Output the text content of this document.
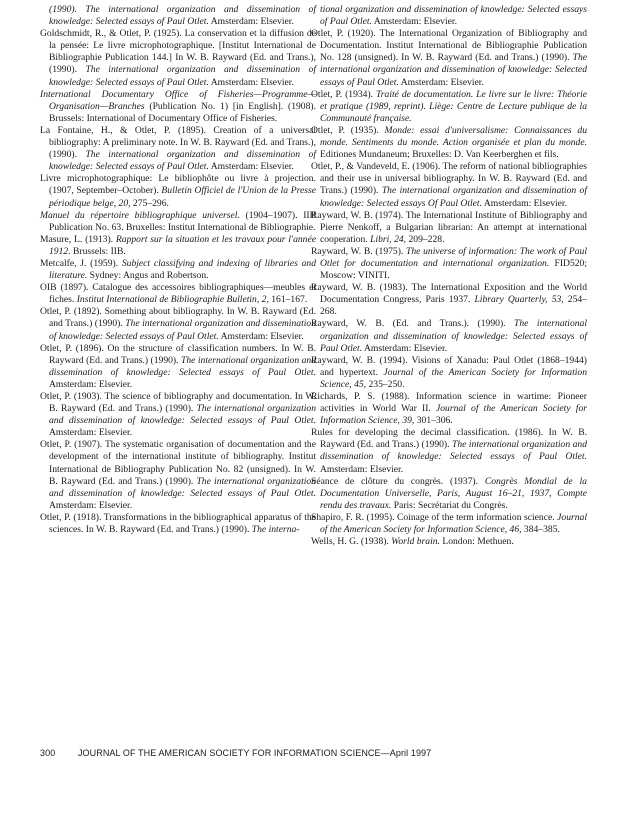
(1990). The international organization and dissemination of knowledge: Selected essays of Paul Otlet. Amsterdam: Elsevier.
Goldschmidt, R., & Otlet, P. (1925). La conservation et la diffusion de la pensée: Le livre microphotographique. [Institut International de Bibliographie Publication 144.] In W. B. Rayward (Ed. and Trans.), (1990). The international organization and dissemination of knowledge: Selected essays of Paul Otlet. Amsterdam: Elsevier.
International Documentary Office of Fisheries—Programme—Organisation—Branches (Publication No. 1) [in English]. (1908). Brussels: International of Documentary Office of Fisheries.
La Fontaine, H., & Otlet, P. (1895). Creation of a universal bibliography: A preliminary note. In W. B. Rayward (Ed. and Trans.), (1990). The international organization and dissemination of knowledge: Selected essays of Paul Otlet. Amsterdam: Elsevier.
Livre microphotographique: Le bibliophôte ou livre à projection. (1907, September–October). Bulletin Officiel de l'Union de la Presse périodique belge, 20, 275–296.
Manuel du répertoire bibliographique universel. (1904–1907). IIB Publication No. 63. Bruxelles: Institut International de Bibliographie.
Masure, L. (1913). Rapport sur la situation et les travaux pour l'année 1912. Brussels: IIB.
Metcalfe, J. (1959). Subject classifying and indexing of libraries and literature. Sydney: Angus and Robertson.
OIB (1897). Catalogue des accessoires bibliographiques—meubles et fiches. Institut International de Bibliographie Bulletin, 2, 161–167.
Otlet, P. (1892). Something about bibliography. In W. B. Rayward (Ed. and Trans.) (1990). The international organization and dissemination of knowledge: Selected essays of Paul Otlet. Amsterdam: Elsevier.
Otlet, P. (1896). On the structure of classification numbers. In W. B. Rayward (Ed. and Trans.) (1990). The international organization and dissemination of knowledge: Selected essays of Paul Otlet. Amsterdam: Elsevier.
Otlet, P. (1903). The science of bibliography and documentation. In W. B. Rayward (Ed. and Trans.) (1990). The international organization and dissemination of knowledge: Selected essays of Paul Otlet. Amsterdam: Elsevier.
Otlet, P. (1907). The systematic organisation of documentation and the development of the international institute of bibliography. Institut International de Bibliography Publication No. 82 (unsigned). In W. B. Rayward (Ed. and Trans.) (1990). The international organization and dissemination of knowledge: Selected essays of Paul Otlet. Amsterdam: Elsevier.
Otlet, P. (1918). Transformations in the bibliographical apparatus of the sciences. In W. B. Rayward (Ed. and Trans.) (1990). The interna-
tional organization and dissemination of knowledge: Selected essays of Paul Otlet. Amsterdam: Elsevier.
Otlet, P. (1920). The International Organization of Bibliography and Documentation. Institut International de Bibliographie Publication No. 128 (unsigned). In W. B. Rayward (Ed. and Trans.) (1990). The international organization and dissemination of knowledge: Selected essays of Paul Otlet. Amsterdam: Elsevier.
Otlet, P. (1934). Traité de documentation. Le livre sur le livre: Théorie et pratique (1989, reprint). Liège: Centre de Lecture publique de la Communauté française.
Otlet, P. (1935). Monde: essai d'universalisme: Connaissances du monde. Sentiments du monde. Action organisée et plan du monde. Editiones Mundaneum; Bruxelles: D. Van Keerberghen et fils.
Otlet, P., & Vandeveld, E. (1906). The reform of national bibliographies and their use in universal bibliography. In W. B. Rayward (Ed. and Trans.) (1990). The international organization and dissemination of knowledge: Selected essays Of Paul Otlet. Amsterdam: Elsevier.
Rayward, W. B. (1974). The International Institute of Bibliography and Pierre Nenkoff, a Bulgarian librarian: An attempt at international cooperation. Libri, 24, 209–228.
Rayward, W. B. (1975). The universe of information: The work of Paul Otlet for documentation and international organization. FID520; Moscow: VINITI.
Rayward, W. B. (1983). The International Exposition and the World Documentation Congress, Paris 1937. Library Quarterly, 53, 254–268.
Rayward, W. B. (Ed. and Trans.). (1990). The international organization and dissemination of knowledge: Selected essays of Paul Otlet. Amsterdam: Elsevier.
Rayward, W. B. (1994). Visions of Xanadu: Paul Otlet (1868–1944) and hypertext. Journal of the American Society for Information Science, 45, 235–250.
Richards, P. S. (1988). Information science in wartime: Pioneer activities in World War II. Journal of the American Society for Information Science, 39, 301–306.
Rules for developing the decimal classification. (1986). In W. B. Rayward (Ed. and Trans.) (1990). The international organization and dissemination of knowledge: Selected essays of Paul Otlet. Amsterdam: Elsevier.
Séance de clôture du congrès. (1937). Congrès Mondial de la Documentation Universelle, Paris, August 16–21, 1937, Compte rendu des travaux. Paris: Secrétariat du Congrès.
Shapiro, F. R. (1995). Coinage of the term information science. Journal of the American Society for Information Science, 46, 384–385.
Wells, H. G. (1938). World brain. London: Methuen.
300	JOURNAL OF THE AMERICAN SOCIETY FOR INFORMATION SCIENCE—April 1997
